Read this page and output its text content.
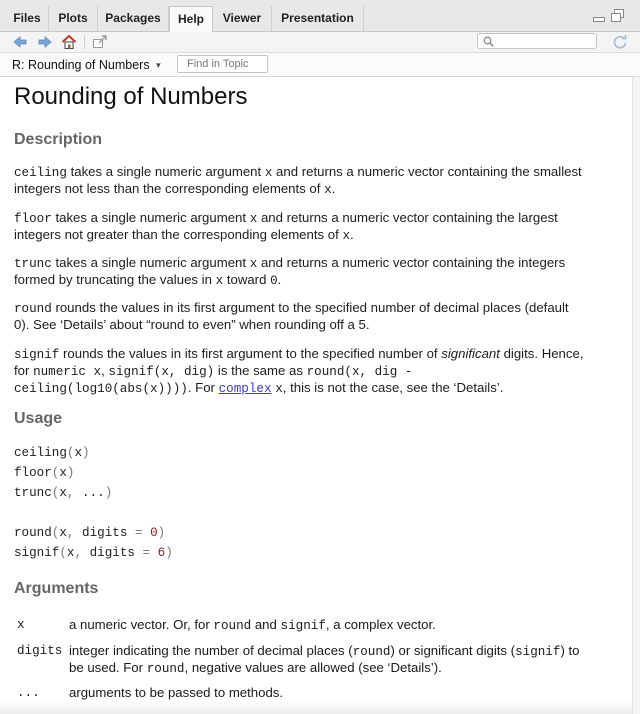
Files	Plots	Packages	Help	Viewer	Presentation
R: Rounding of Numbers ▾
Find in Topic
Rounding of Numbers
Description
ceiling takes a single numeric argument x and returns a numeric vector containing the smallest
integers not less than the corresponding elements of x.
floor takes a single numeric argument x and returns a numeric vector containing the largest
integers not greater than the corresponding elements of x.
trunc takes a single numeric argument x and returns a numeric vector containing the integers
formed by truncating the values in x toward 0.
round rounds the values in its first argument to the specified number of decimal places (default
0). See ‘Details’ about “round to even” when rounding off a 5.
signif rounds the values in its first argument to the specified number of significant digits. Hence,
for numeric x, signif(x, dig) is the same as round(x, dig -
ceiling(log10(abs(x)))). For complex x, this is not the case, see the ‘Details’.
Usage
ceiling(x)
floor(x)
trunc(x, ...)
round(x, digits = 0)
signif(x, digits = 6)
Arguments
x	a numeric vector. Or, for round and signif, a complex vector.
digits integer indicating the number of decimal places (round) or significant digits (signif) to
be used. For round, negative values are allowed (see ‘Details’).
... arguments to be passed to methods.
